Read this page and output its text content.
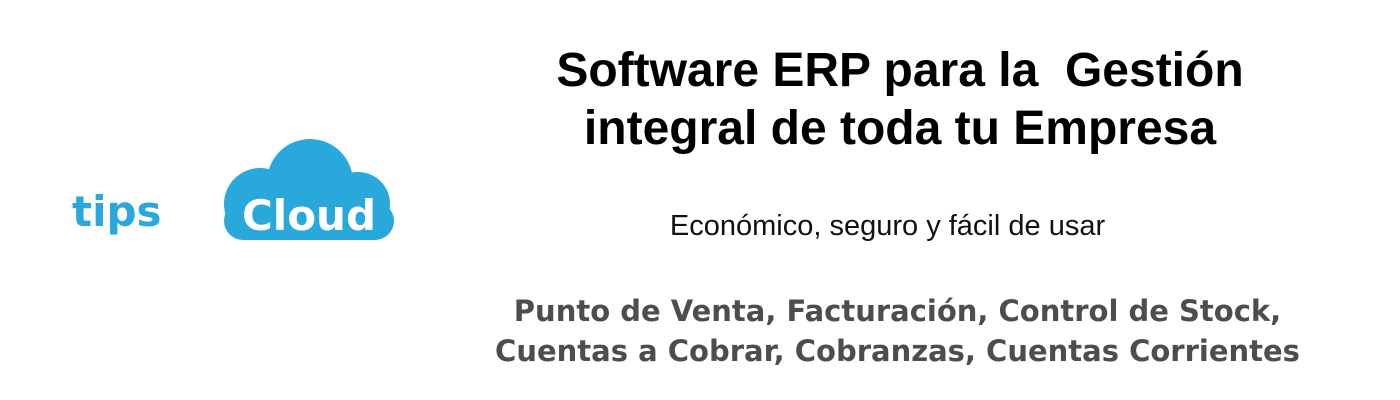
tips Cloud
Software ERP para la  Gestión
integral de toda tu Empresa

Económico, seguro y fácil de usar

Punto de Venta, Facturación, Control de Stock,
Cuentas a Cobrar, Cobranzas, Cuentas Corrientes
